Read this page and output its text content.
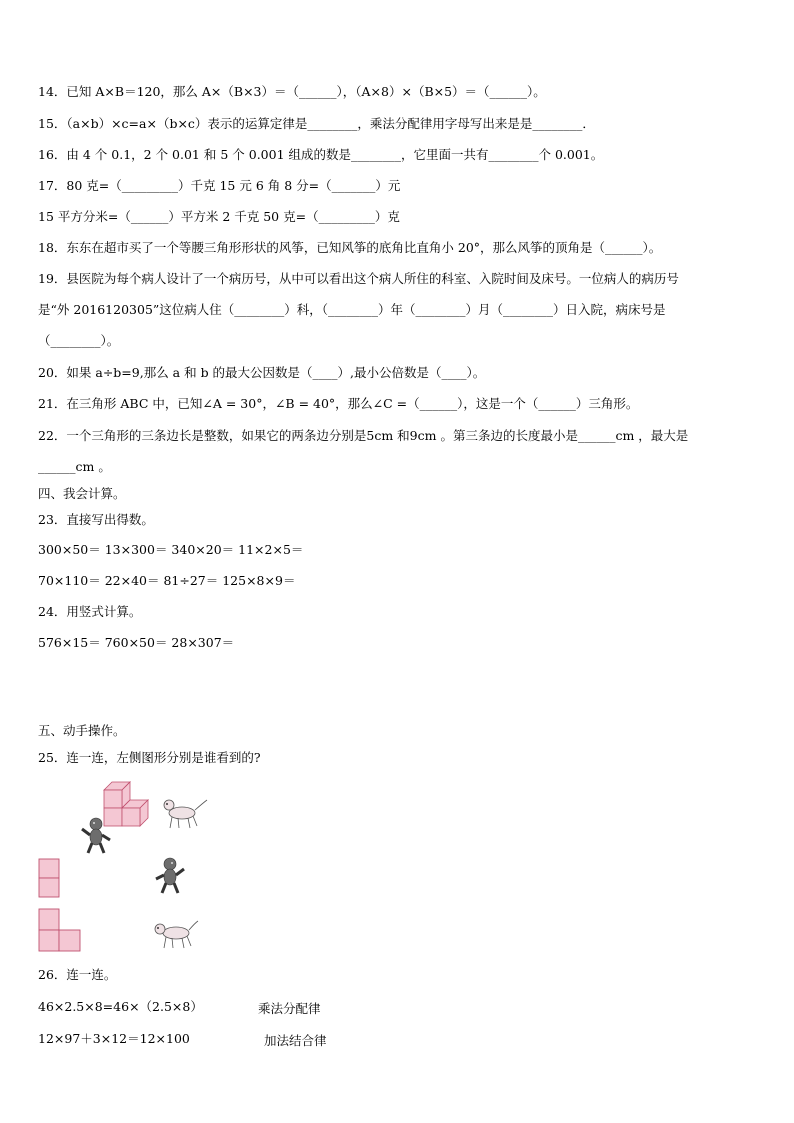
14．已知 A×B＝120，那么 A×（B×3）＝（______），（A×8）×（B×5）＝（______）。
15．（a×b）×c=a×（b×c）表示的运算定律是________，乘法分配律用字母写出来是是________．
16．由 4 个 0.1，2 个 0.01 和 5 个 0.001 组成的数是________，它里面一共有________个 0.001。
17．80 克=（_________）千克 15 元 6 角 8 分=（_______）元
15 平方分米=（______）平方米 2 千克 50 克=（_________）克
18．东东在超市买了一个等腰三角形形状的风筝，已知风筝的底角比直角小 20°，那么风筝的顶角是（______）。
19．县医院为每个病人设计了一个病历号，从中可以看出这个病人所住的科室、入院时间及床号。一位病人的病历号
是“外 2016120305”这位病人住（________）科，（________）年（________）月（________）日入院，病床号是
（________）。
20．如果 a÷b=9,那么 a 和 b 的最大公因数是（____）,最小公倍数是（____）。
21．在三角形 ABC 中，已知∠A = 30°，∠B = 40°，那么∠C =（______），这是一个（______）三角形。
22．一个三角形的三条边长是整数，如果它的两条边分别是5cm 和9cm 。第三条边的长度最小是______cm ，最大是
______cm 。
四、我会计算。
23．直接写出得数。
300×50＝ 13×300＝ 340×20＝ 11×2×5＝
70×110＝ 22×40＝ 81÷27＝ 125×8×9＝
24．用竖式计算。
576×15＝ 760×50＝ 28×307＝
五、动手操作。
25．连一连，左侧图形分别是谁看到的?
26．连一连。
46×2.5×8=46×（2.5×8）	乘法分配律
12×97＋3×12＝12×100	加法结合律
